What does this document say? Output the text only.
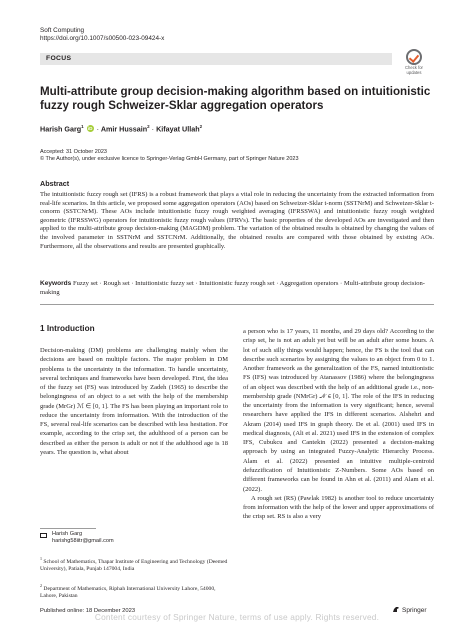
Soft Computing
https://doi.org/10.1007/s00500-023-09424-x
FOCUS
Check for
updates
Multi-attribute group decision-making algorithm based on intuitionistic fuzzy rough Schweizer-Sklar aggregation operators
Harish Garg$^1$ iD · Amir Hussain$^2$ · Kifayat Ullah$^2$
Accepted: 31 October 2023
© The Author(s), under exclusive licence to Springer-Verlag GmbH Germany, part of Springer Nature 2023
Abstract
The intuitionistic fuzzy rough set (IFRS) is a robust framework that plays a vital role in reducing the uncertainty from the extracted information from real-life scenarios. In this article, we proposed some aggregation operators (AOs) based on Schweizer-Sklar t-norm (SSTNrM) and Schweizer-Sklar t-conorm (SSTCNrM). These AOs include intuitionistic fuzzy rough weighted averaging (IFRSSWA) and intuitionistic fuzzy rough weighted geometric (IFRSSWG) operators for intuitionistic fuzzy rough values (IFRVs). The basic properties of the developed AOs are investigated and then applied to the multi-attribute group decision-making (MAGDM) problem. The variation of the obtained results is obtained by changing the values of the involved parameter in SSTNrM and SSTCNrM. Additionally, the obtained results are compared with those obtained by existing AOs. Furthermore, all the observations and results are presented graphically.
Keywords Fuzzy set · Rough set · Intuitionistic fuzzy set · Intuitionistic fuzzy rough set · Aggregation operators · Multi-attribute group decision-making
1 Introduction

Decision-making (DM) problems are challenging mainly when the decisions are based on multiple factors. The major problem in DM problems is the uncertainty in the information. To handle uncertainty, several techniques and frameworks have been developed. First, the idea of the fuzzy set (FS) was introduced by Zadeh (1965) to describe the belongingness of an object to a set with the help of the membership grade (MrGr) ℳ ∈ [0, 1]. The FS has been playing an important role to reduce the uncertainty from information. With the introduction of the FS, several real-life scenarios can be described with less hesitation. For example, according to the crisp set, the adulthood of a person can be described as either the person is adult or not if the adulthood age is 18 years. The question is, what about

a person who is 17 years, 11 months, and 29 days old? According to the crisp set, he is not an adult yet but will be an adult after some hours. A lot of such silly things would happen; hence, the FS is the tool that can describe such scenarios by assigning the values to an object from 0 to 1. Another framework as the generalization of the FS, named intuitionistic FS (IFS) was introduced by Atanassov (1986) where the belongingness of an object was described with the help of an additional grade i.e., non-membership grade (NMrGr) 𝒩 ∈ [0, 1]. The role of the IFS in reducing the uncertainty from the information is very significant; hence, several researchers have applied the IFS in different scenarios. Alshehri and Akram (2014) used IFS in graph theory. De et al. (2001) used IFS in medical diagnosis, (Ali et al. 2021) used IFS in the extension of complex IFS, Cubukcu and Cantekin (2022) presented a decision-making approach by using an integrated Fuzzy-Analytic Hierarchy Process. Alam et al. (2022) presented an intuitive multiple-centroid defuzzification of Intuitionistic Z-Numbers. Some AOs based on different frameworks can be found in Ahn et al. (2011) and Alam et al. (2022).

A rough set (RS) (Pawlak 1982) is another tool to reduce uncertainty from information with the help of the lower and upper approximations of the crisp set. RS is also a very

Harish Garg
harishg58iitr@gmail.com
$^1$ School of Mathematics, Thapar Institute of Engineering and Technology (Deemed University), Patiala, Punjab 147004, India
$^2$ Department of Mathematics, Riphah International University Lahore, 54000, Lahore, Pakistan
Published online: 18 December 2023	Springer
Content courtesy of Springer Nature, terms of use apply. Rights reserved.
